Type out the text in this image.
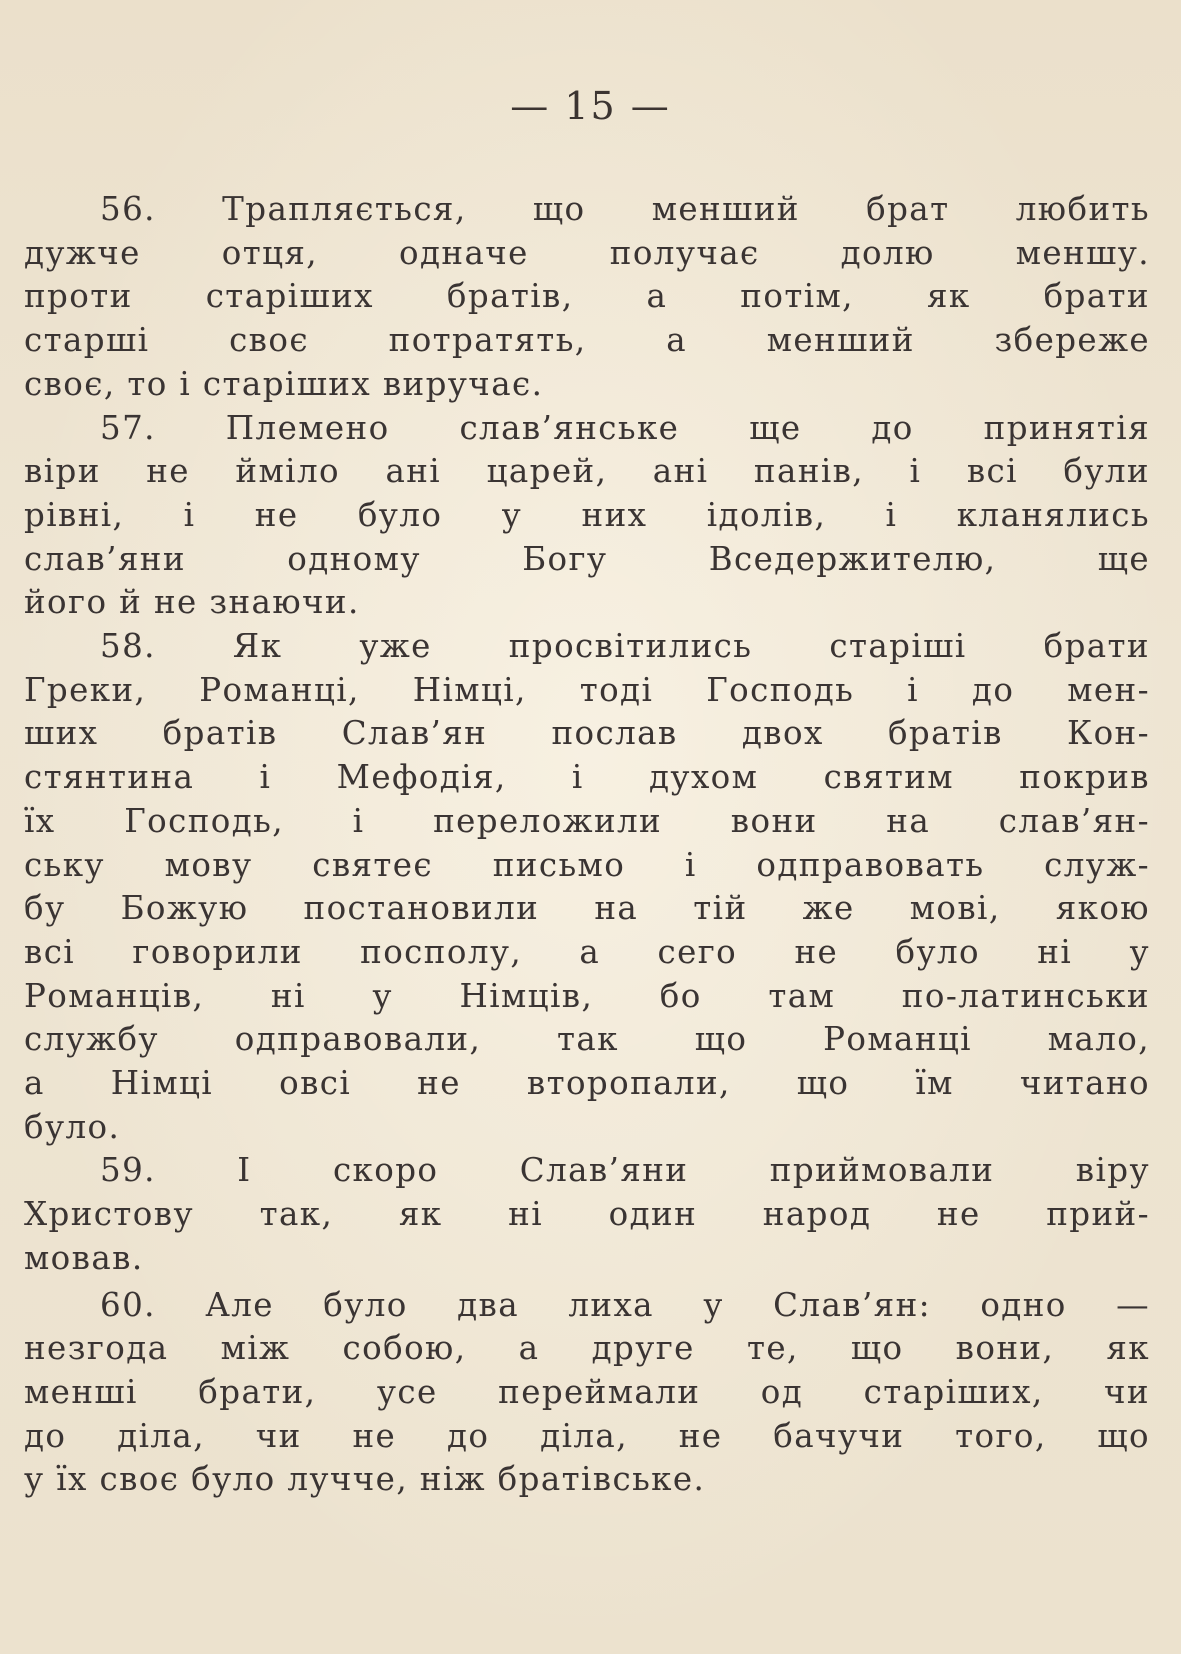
— 15 —
56. Трапляється, що менший брат любить
дужче отця, одначе получає долю меншу.
проти старіших братів, а потім, як брати
старші своє потратять, а менший збереже
своє, то і старіших виручає.
57. Племено слав’янське ще до принятія
віри не йміло ані царей, ані панів, і всі були
рівні, і не було у них ідолів, і кланялись
слав’яни одному Богу Вседержителю, ще
його й не знаючи.
58. Як уже просвітились старіші брати
Греки, Романці, Німці, тоді Господь і до мен-
ших братів Слав’ян послав двох братів Кон-
стянтина і Мефодія, і духом святим покрив
їх Господь, і переложили вони на слав’ян-
ську мову святеє письмо і одправовать служ-
бу Божую постановили на тій же мові, якою
всі говорили посполу, а сего не було ні у
Романців, ні у Німців, бо там по-латинськи
службу одправовали, так що Романці мало,
а Німці овсі не втoропали, що їм читано
було.
59. І скоро Слав’яни приймовали віру
Христову так, як ні один народ не прий-
мовав.
60. Але було два лиха у Слав’ян: одно —
незгода між собою, а друге те, що вони, як
менші брати, усе переймали од старіших, чи
до діла, чи не до діла, не бачучи того, що
у їх своє було лучче, ніж братівське.
